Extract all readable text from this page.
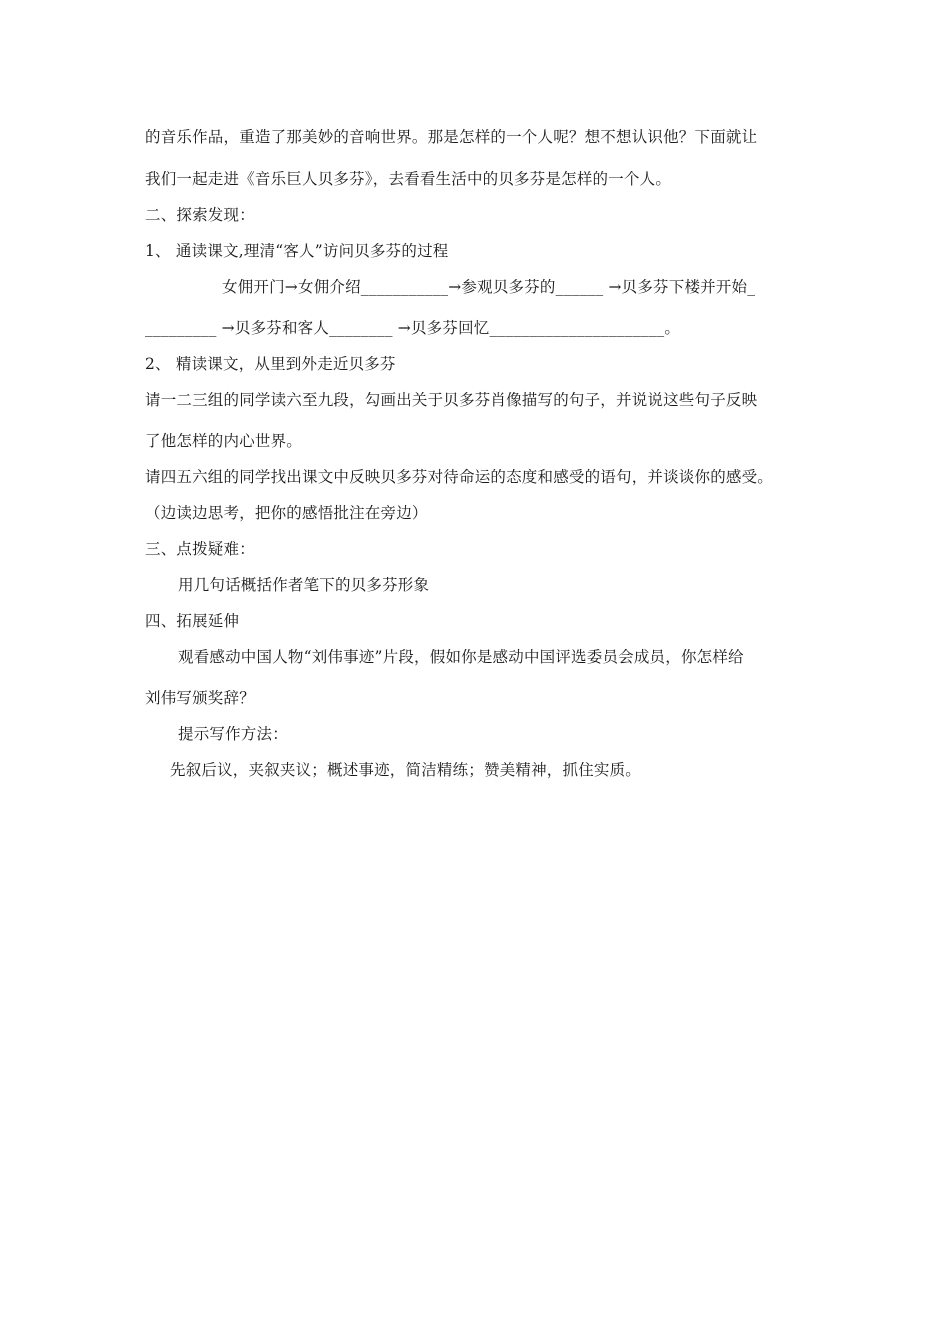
的音乐作品，重造了那美妙的音响世界。那是怎样的一个人呢？想不想认识他？下面就让
我们一起走进《音乐巨人贝多芬》，去看看生活中的贝多芬是怎样的一个人。
二、探索发现：
1、 通读课文,理清“客人”访问贝多芬的过程
女佣开门→女佣介绍___________→参观贝多芬的______ →贝多芬下楼并开始_
_________ →贝多芬和客人________ →贝多芬回忆______________________。
2、 精读课文，从里到外走近贝多芬
请一二三组的同学读六至九段，勾画出关于贝多芬肖像描写的句子，并说说这些句子反映
了他怎样的内心世界。
请四五六组的同学找出课文中反映贝多芬对待命运的态度和感受的语句，并谈谈你的感受。
（边读边思考，把你的感悟批注在旁边）
三、点拨疑难：
用几句话概括作者笔下的贝多芬形象
四、拓展延伸
观看感动中国人物“刘伟事迹”片段，假如你是感动中国评选委员会成员，你怎样给
刘伟写颁奖辞？
提示写作方法：
先叙后议，夹叙夹议；概述事迹，简洁精练；赞美精神，抓住实质。
